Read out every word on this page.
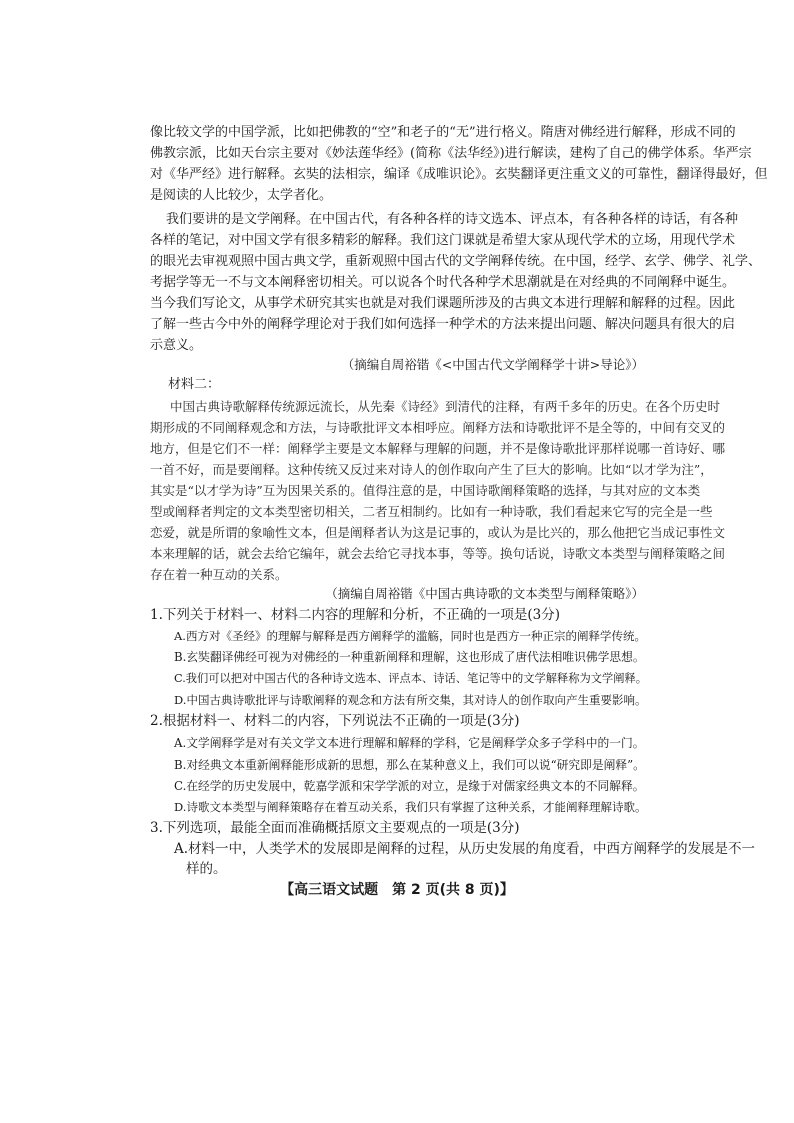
像比较文学的中国学派，比如把佛教的“空”和老子的“无”进行格义。隋唐对佛经进行解释，形成不同的
佛教宗派，比如天台宗主要对《妙法莲华经》(简称《法华经》)进行解读，建构了自己的佛学体系。华严宗
对《华严经》进行解释。玄奘的法相宗，编译《成唯识论》。玄奘翻译更注重文义的可靠性，翻译得最好，但
是阅读的人比较少，太学者化。
我们要讲的是文学阐释。在中国古代，有各种各样的诗文选本、评点本，有各种各样的诗话，有各种
各样的笔记，对中国文学有很多精彩的解释。我们这门课就是希望大家从现代学术的立场，用现代学术
的眼光去审视观照中国古典文学，重新观照中国古代的文学阐释传统。在中国，经学、玄学、佛学、礼学、
考据学等无一不与文本阐释密切相关。可以说各个时代各种学术思潮就是在对经典的不同阐释中诞生。
当今我们写论文，从事学术研究其实也就是对我们课题所涉及的古典文本进行理解和解释的过程。因此
了解一些古今中外的阐释学理论对于我们如何选择一种学术的方法来提出问题、解决问题具有很大的启
示意义。
（摘编自周裕锴《<中国古代文学阐释学十讲>导论》）
材料二：
中国古典诗歌解释传统源远流长，从先秦《诗经》到清代的注释，有两千多年的历史。在各个历史时
期形成的不同阐释观念和方法，与诗歌批评文本相呼应。阐释方法和诗歌批评不是全等的，中间有交叉的
地方，但是它们不一样：阐释学主要是文本解释与理解的问题，并不是像诗歌批评那样说哪一首诗好、哪
一首不好，而是要阐释。这种传统又反过来对诗人的创作取向产生了巨大的影响。比如“以才学为注”，
其实是“以才学为诗”互为因果关系的。值得注意的是，中国诗歌阐释策略的选择，与其对应的文本类
型或阐释者判定的文本类型密切相关，二者互相制约。比如有一种诗歌，我们看起来它写的完全是一些
恋爱，就是所谓的象喻性文本，但是阐释者认为这是记事的，或认为是比兴的，那么他把它当成记事性文
本来理解的话，就会去给它编年，就会去给它寻找本事，等等。换句话说，诗歌文本类型与阐释策略之间
存在着一种互动的关系。
（摘编自周裕锴《中国古典诗歌的文本类型与阐释策略》）
1.下列关于材料一、材料二内容的理解和分析，不正确的一项是(3分)
A.西方对《圣经》的理解与解释是西方阐释学的滥觞，同时也是西方一种正宗的阐释学传统。
B.玄奘翻译佛经可视为对佛经的一种重新阐释和理解，这也形成了唐代法相唯识佛学思想。
C.我们可以把对中国古代的各种诗文选本、评点本、诗话、笔记等中的文学解释称为文学阐释。
D.中国古典诗歌批评与诗歌阐释的观念和方法有所交集，其对诗人的创作取向产生重要影响。
2.根据材料一、材料二的内容，下列说法不正确的一项是(3分)
A.文学阐释学是对有关文学文本进行理解和解释的学科，它是阐释学众多子学科中的一门。
B.对经典文本重新阐释能形成新的思想，那么在某种意义上，我们可以说“研究即是阐释”。
C.在经学的历史发展中，乾嘉学派和宋学学派的对立，是缘于对儒家经典文本的不同解释。
D.诗歌文本类型与阐释策略存在着互动关系，我们只有掌握了这种关系，才能阐释理解诗歌。
3.下列选项，最能全面而准确概括原文主要观点的一项是(3分)
A.材料一中，人类学术的发展即是阐释的过程，从历史发展的角度看，中西方阐释学的发展是不一
样的。
【高三语文试题　第 2 页(共 8 页)】
